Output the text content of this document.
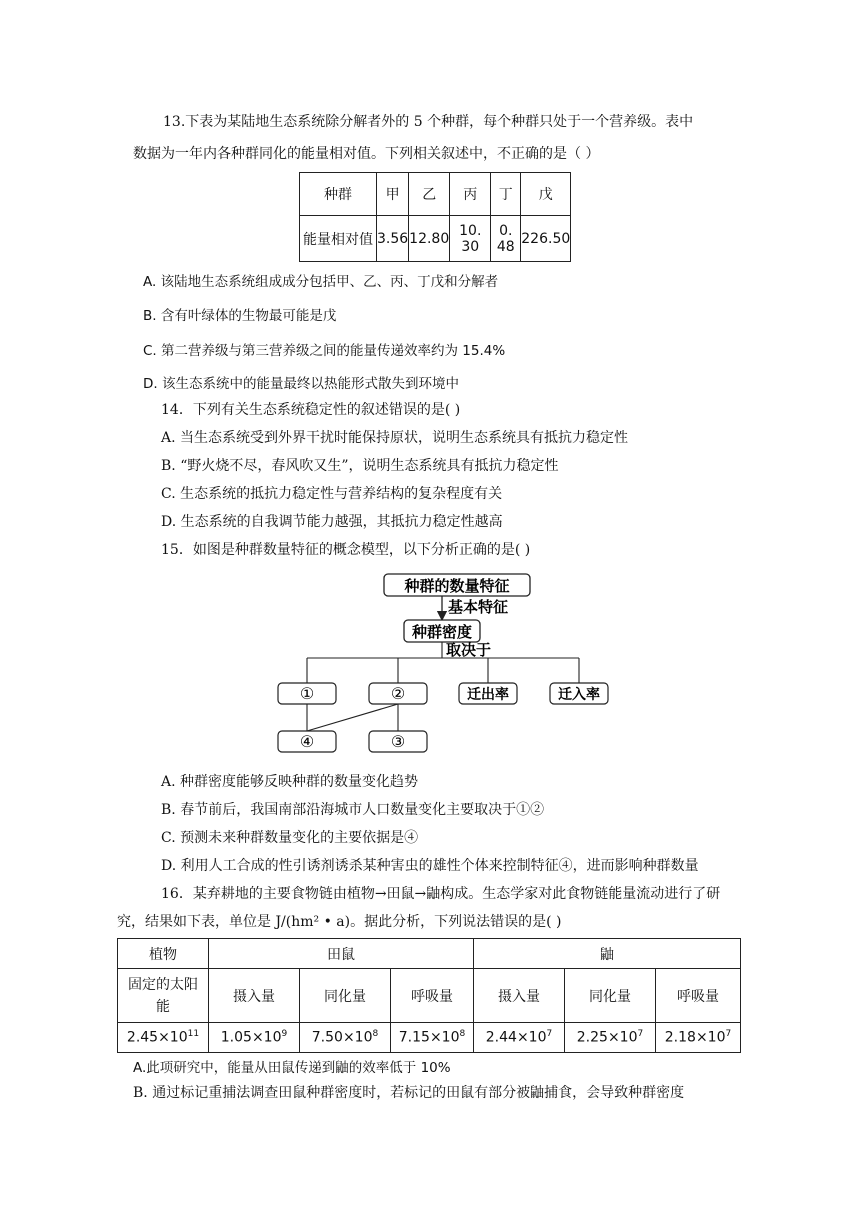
13.下表为某陆地生态系统除分解者外的 5 个种群，每个种群只处于一个营养级。表中
数据为一年内各种群同化的能量相对值。下列相关叙述中，不正确的是（ ）
种群	甲	乙	丙	丁	戊
能量相对值	3.56	12.80	10. 30	0. 48	226.50
A. 该陆地生态系统组成成分包括甲、乙、丙、丁戊和分解者
B. 含有叶绿体的生物最可能是戊
C. 第二营养级与第三营养级之间的能量传递效率约为 15.4%
D. 该生态系统中的能量最终以热能形式散失到环境中
14．下列有关生态系统稳定性的叙述错误的是( )
A. 当生态系统受到外界干扰时能保持原状，说明生态系统具有抵抗力稳定性
B. “野火烧不尽，春风吹又生”，说明生态系统具有抵抗力稳定性
C. 生态系统的抵抗力稳定性与营养结构的复杂程度有关
D. 生态系统的自我调节能力越强，其抵抗力稳定性越高
15．如图是种群数量特征的概念模型，以下分析正确的是( )
种群的数量特征
基本特征
种群密度
取决于
①	②	迁出率	迁入率
④	③
A. 种群密度能够反映种群的数量变化趋势
B. 春节前后，我国南部沿海城市人口数量变化主要取决于①②
C. 预测未来种群数量变化的主要依据是④
D. 利用人工合成的性引诱剂诱杀某种害虫的雄性个体来控制特征④，进而影响种群数量
16．某弃耕地的主要食物链由植物→田鼠→鼬构成。生态学家对此食物链能量流动进行了研
究，结果如下表，单位是 J/(hm² • a)。据此分析，下列说法错误的是( )
植物	田鼠			鼬		
固定的太阳
能	摄入量	同化量	呼吸量	摄入量	同化量	呼吸量
$2.45\times 10^{11}$	$1.05\times 10^9$	$7.50\times 10^8$	$7.15\times 10^8$	$2.44\times 10^7$	$2.25\times 10^7$	$2.18\times 10^7$
A.此项研究中，能量从田鼠传递到鼬的效率低于 10%
B. 通过标记重捕法调查田鼠种群密度时，若标记的田鼠有部分被鼬捕食，会导致种群密度
